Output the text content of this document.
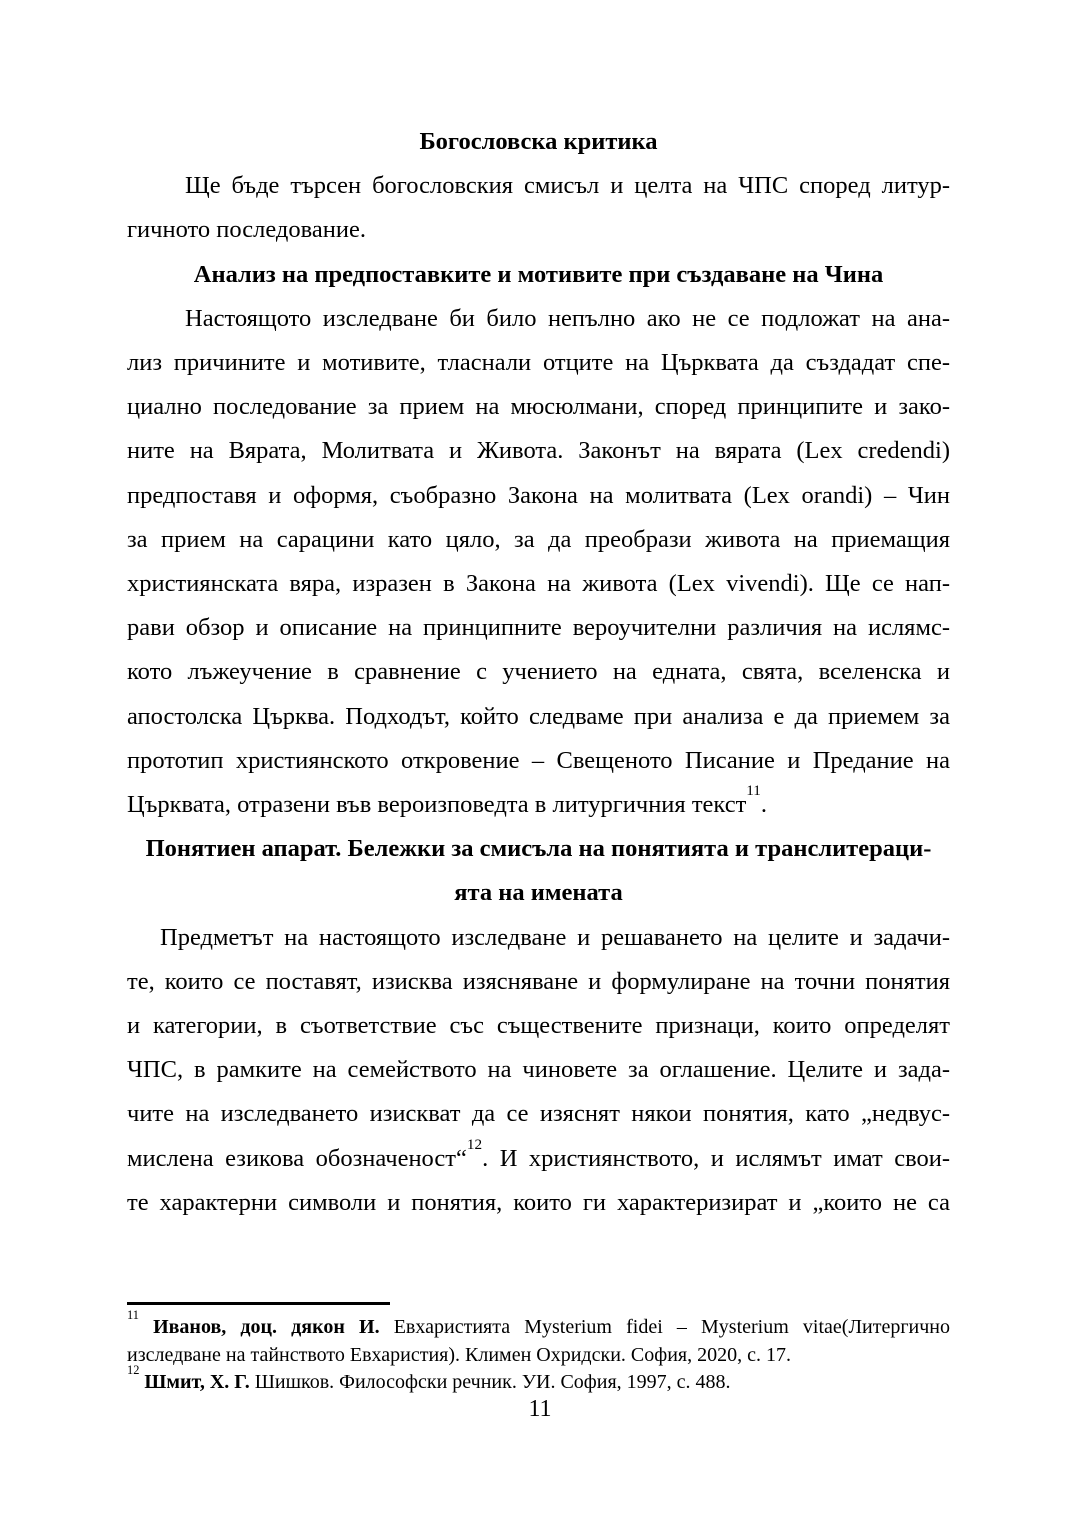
Богословска критика
Ще бъде търсен богословския смисъл и целта на ЧПС според литур-
гичното последование.
Анализ на предпоставките и мотивите при създаване на Чина
Настоящото изследване би било непълно ако не се подложат на ана-
лиз причините и мотивите, тласнали отците на Църквата да създадат спе-
циално последование за прием на мюсюлмани, според принципите и зако-
ните на Вярата, Молитвата и Живота. Законът на вярата (Lex credendi)
предпоставя и оформя, съобразно Закона на молитвата (Lex orandi) – Чин
за прием на сарацини като цяло, за да преобрази живота на приемащия
християнската вяра, изразен в Закона на живота (Lex vivendi). Ще се нап-
рави обзор и описание на принципните вероучителни различия на ислямс-
кото лъжеучение в сравнение с учението на едната, свята, вселенска и
апостолска Църква. Подходът, който следваме при анализа е да приемем за
прототип християнското откровение – Свещеното Писание и Предание на
Църквата, отразени във вероизповедта в литургичния текст$^{11}$.
Понятиен апарат. Бележки за смисъла на понятията и транслитераци-
ята на имената
Предметът на настоящото изследване и решаването на целите и задачи-
те, които се поставят, изисква изясняване и формулиране на точни понятия
и категории, в съответствие със съществените признаци, които определят
ЧПС, в рамките на семейството на чиновете за оглашение. Целите и зада-
чите на изследването изискват да се изяснят някои понятия, като „недвус-
мислена езикова обозначеност“$^{12}$. И християнството, и ислямът имат свои-
те характерни символи и понятия, които ги характеризират и „които не са
$^{11}$ Иванов, доц. дякон И. Евхаристията Mysterium fidei – Mysterium vitae(Литергично
изследване на тайнството Евхаристия). Климен Охридски. София, 2020, с. 17.
$^{12}$ Шмит, Х. Г. Шишков. Философски речник. УИ. София, 1997, с. 488.
11
